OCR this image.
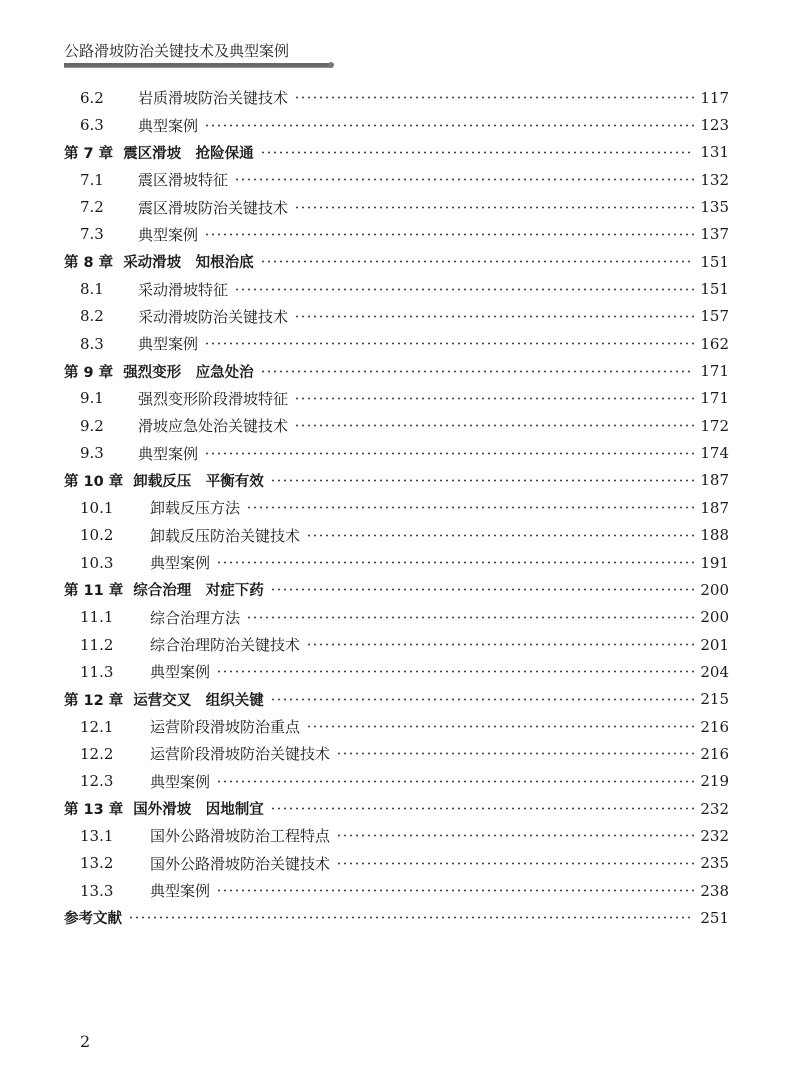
公路滑坡防治关键技术及典型案例
6.2	岩质滑坡防治关键技术	117
6.3	典型案例	123
第 7 章 震区滑坡　抢险保通	131
7.1	震区滑坡特征	132
7.2	震区滑坡防治关键技术	135
7.3	典型案例	137
第 8 章 采动滑坡　知根治底	151
8.1	采动滑坡特征	151
8.2	采动滑坡防治关键技术	157
8.3	典型案例	162
第 9 章 强烈变形　应急处治	171
9.1	强烈变形阶段滑坡特征	171
9.2	滑坡应急处治关键技术	172
9.3	典型案例	174
第 10 章 卸载反压　平衡有效	187
10.1	卸载反压方法	187
10.2	卸载反压防治关键技术	188
10.3	典型案例	191
第 11 章 综合治理　对症下药	200
11.1	综合治理方法	200
11.2	综合治理防治关键技术	201
11.3	典型案例	204
第 12 章 运营交叉　组织关键	215
12.1	运营阶段滑坡防治重点	216
12.2	运营阶段滑坡防治关键技术	216
12.3	典型案例	219
第 13 章 国外滑坡　因地制宜	232
13.1	国外公路滑坡防治工程特点	232
13.2	国外公路滑坡防治关键技术	235
13.3	典型案例	238
参考文献	251
2
